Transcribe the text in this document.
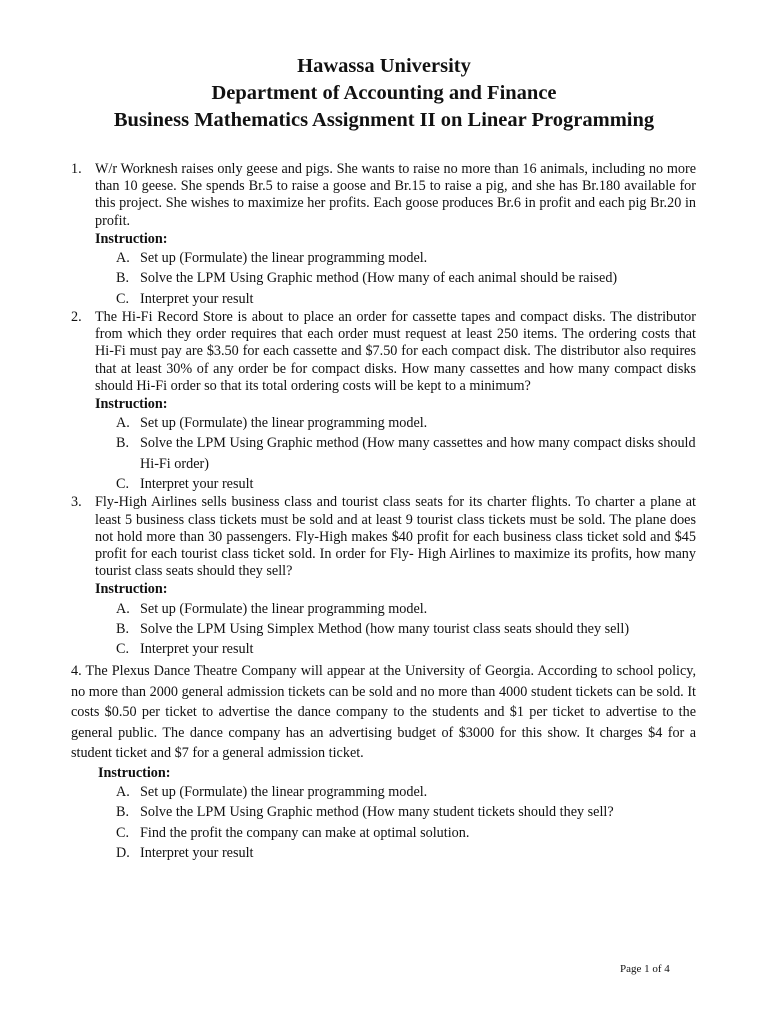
Hawassa University
Department of Accounting and Finance
Business Mathematics Assignment II on Linear Programming
1. W/r Worknesh raises only geese and pigs. She wants to raise no more than 16 animals, including no more than 10 geese. She spends Br.5 to raise a goose and Br.15 to raise a pig, and she has Br.180 available for this project. She wishes to maximize her profits. Each goose produces Br.6 in profit and each pig Br.20 in profit.
Instruction:
A. Set up (Formulate) the linear programming model.
B. Solve the LPM Using Graphic method (How many of each animal should be raised)
C. Interpret your result
2. The Hi-Fi Record Store is about to place an order for cassette tapes and compact disks. The distributor from which they order requires that each order must request at least 250 items. The ordering costs that Hi-Fi must pay are $3.50 for each cassette and $7.50 for each compact disk. The distributor also requires that at least 30% of any order be for compact disks. How many cassettes and how many compact disks should Hi-Fi order so that its total ordering costs will be kept to a minimum?
Instruction:
A. Set up (Formulate) the linear programming model.
B. Solve the LPM Using Graphic method (How many cassettes and how many compact disks should Hi-Fi order)
C. Interpret your result
3. Fly-High Airlines sells business class and tourist class seats for its charter flights. To charter a plane at least 5 business class tickets must be sold and at least 9 tourist class tickets must be sold. The plane does not hold more than 30 passengers. Fly-High makes $40 profit for each business class ticket sold and $45 profit for each tourist class ticket sold. In order for Fly- High Airlines to maximize its profits, how many tourist class seats should they sell?
Instruction:
A. Set up (Formulate) the linear programming model.
B. Solve the LPM Using Simplex Method (how many tourist class seats should they sell)
C. Interpret your result
4. The Plexus Dance Theatre Company will appear at the University of Georgia. According to school policy, no more than 2000 general admission tickets can be sold and no more than 4000 student tickets can be sold. It costs $0.50 per ticket to advertise the dance company to the students and $1 per ticket to advertise to the general public. The dance company has an advertising budget of $3000 for this show. It charges $4 for a student ticket and $7 for a general admission ticket.
Instruction:
A. Set up (Formulate) the linear programming model.
B. Solve the LPM Using Graphic method (How many student tickets should they sell?
C. Find the profit the company can make at optimal solution.
D. Interpret your result
Page 1 of 4
